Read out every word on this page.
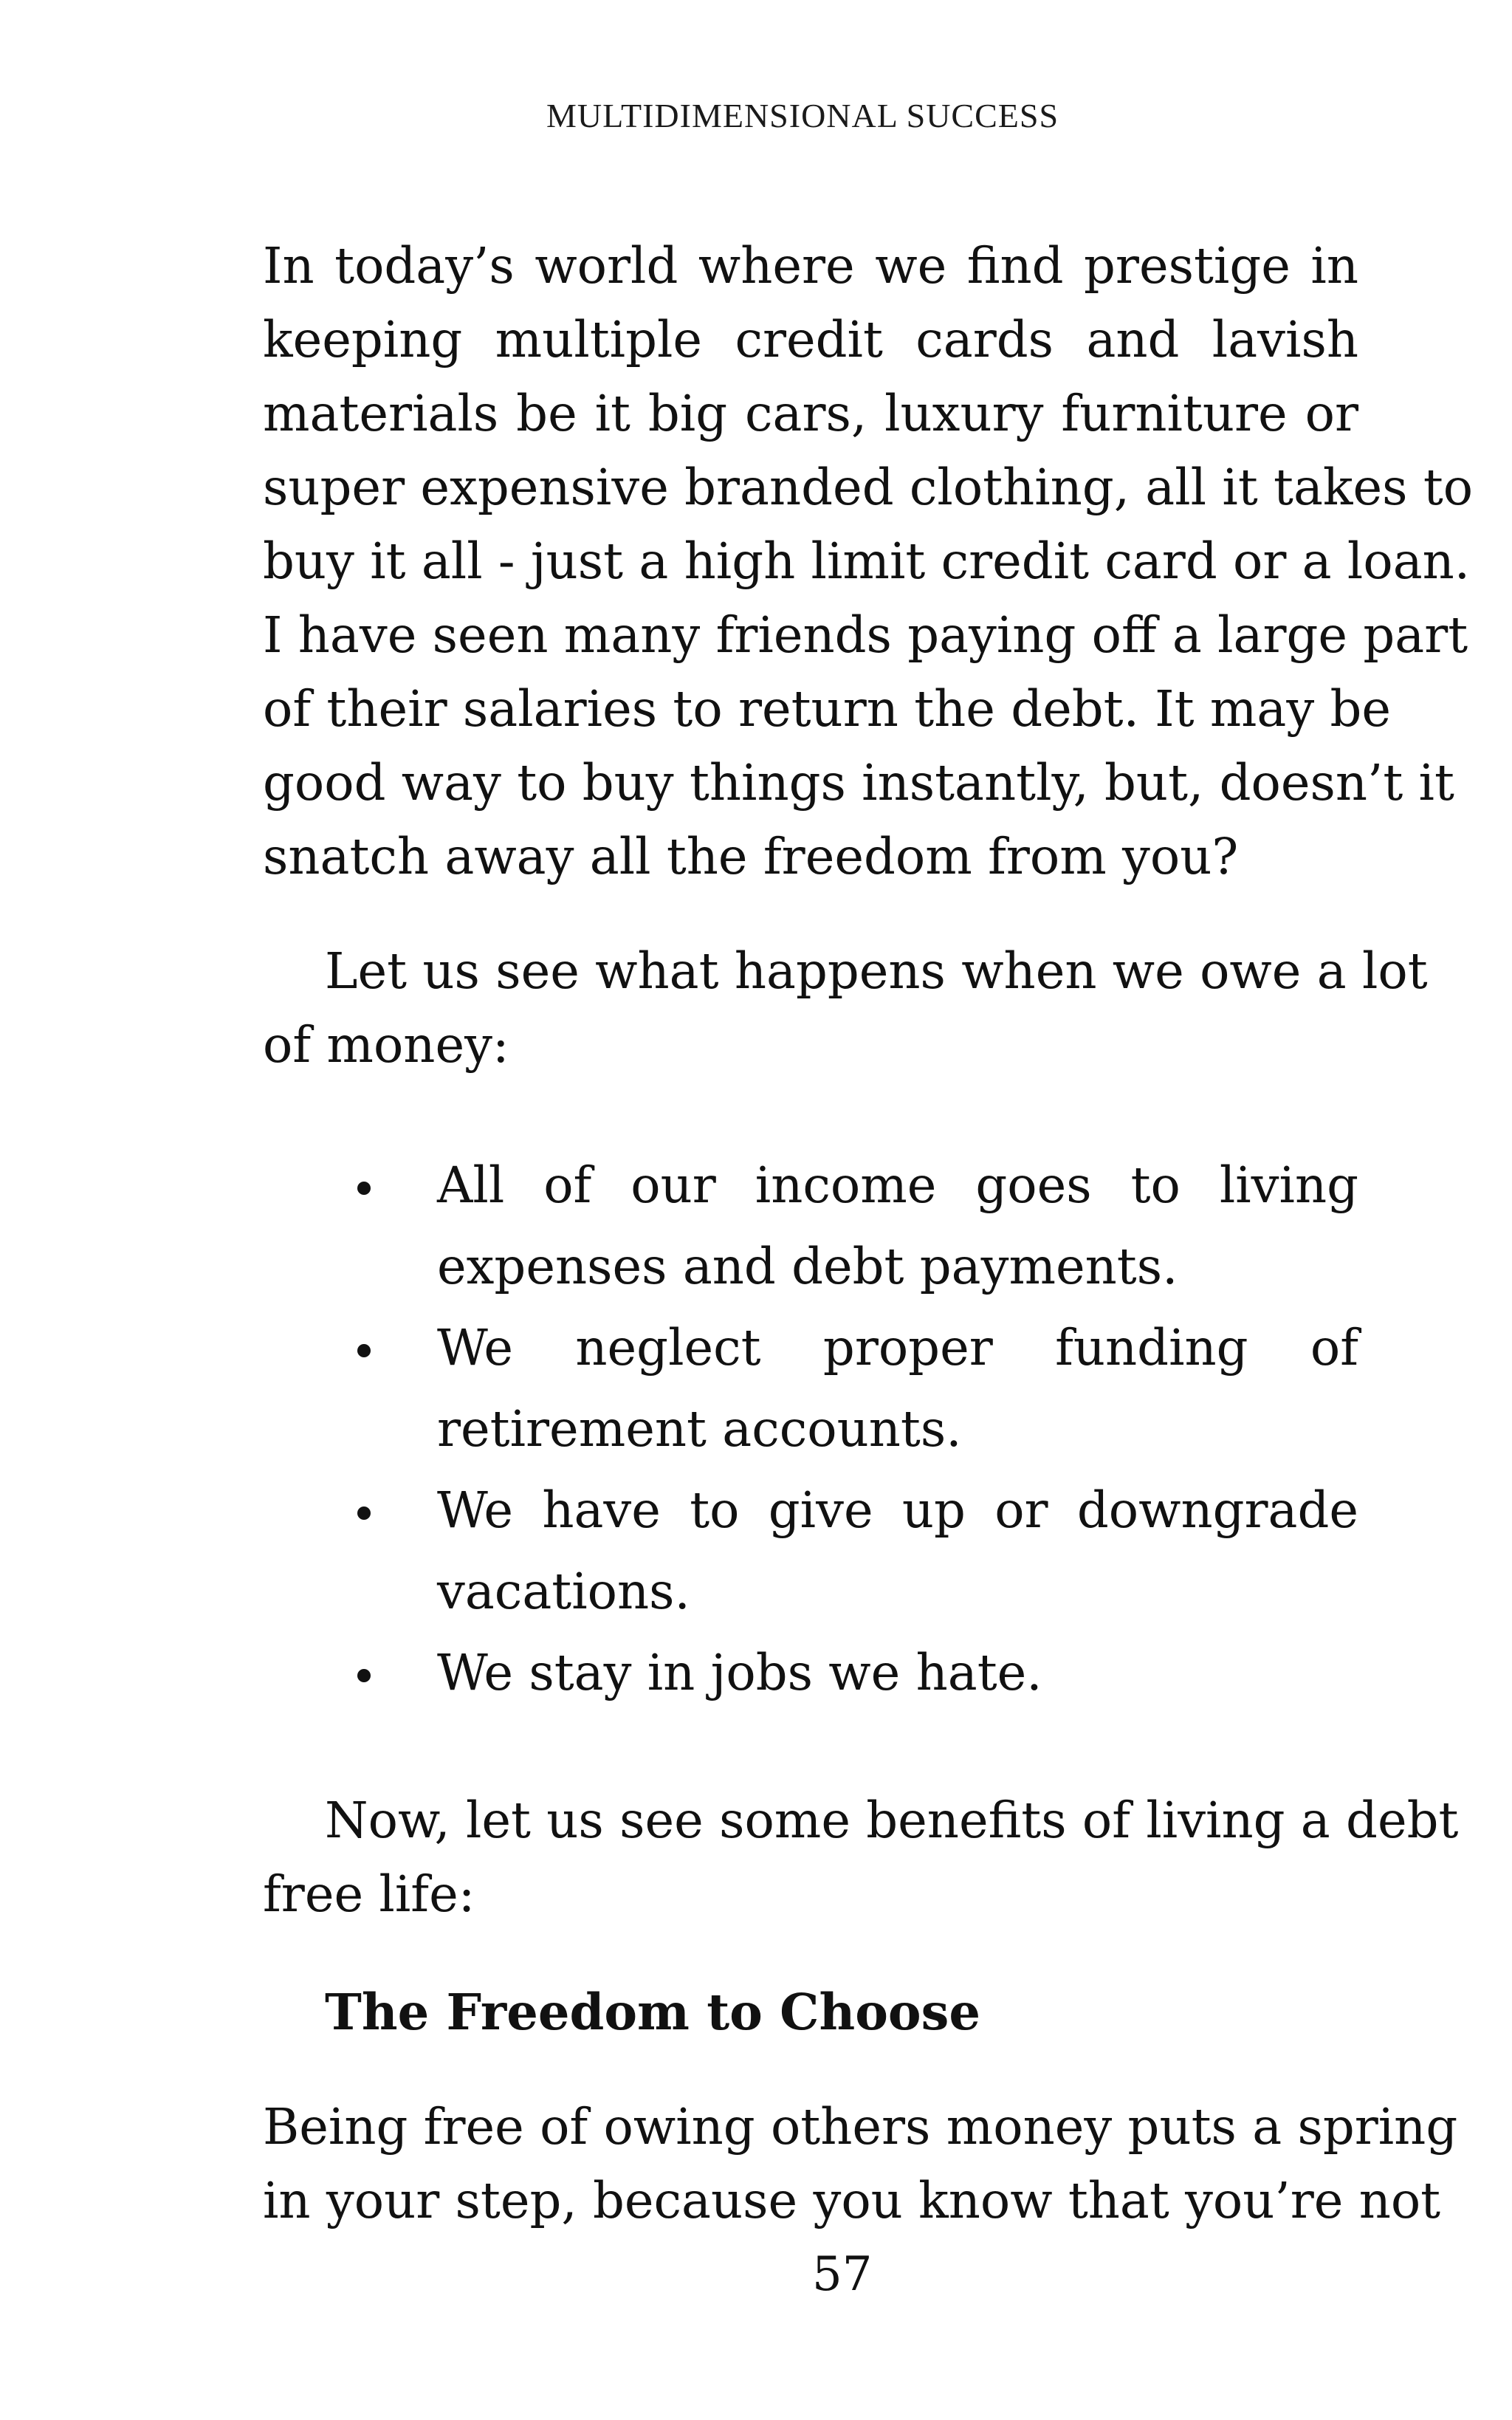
MULTIDIMENSIONAL SUCCESS
In today’s world where we find prestige in
keeping multiple credit cards and lavish
materials be it big cars, luxury furniture or
super expensive branded clothing, all it takes to
buy it all - just a high limit credit card or a loan.
I have seen many friends paying off a large part
of their salaries to return the debt. It may be
good way to buy things instantly, but, doesn’t it
snatch away all the freedom from you?
Let us see what happens when we owe a lot
of money:
All of our income goes to living
expenses and debt payments.
We neglect proper funding of
retirement accounts.
We have to give up or downgrade
vacations.
We stay in jobs we hate.
Now, let us see some benefits of living a debt
free life:
The Freedom to Choose
Being free of owing others money puts a spring
in your step, because you know that you’re not
57
